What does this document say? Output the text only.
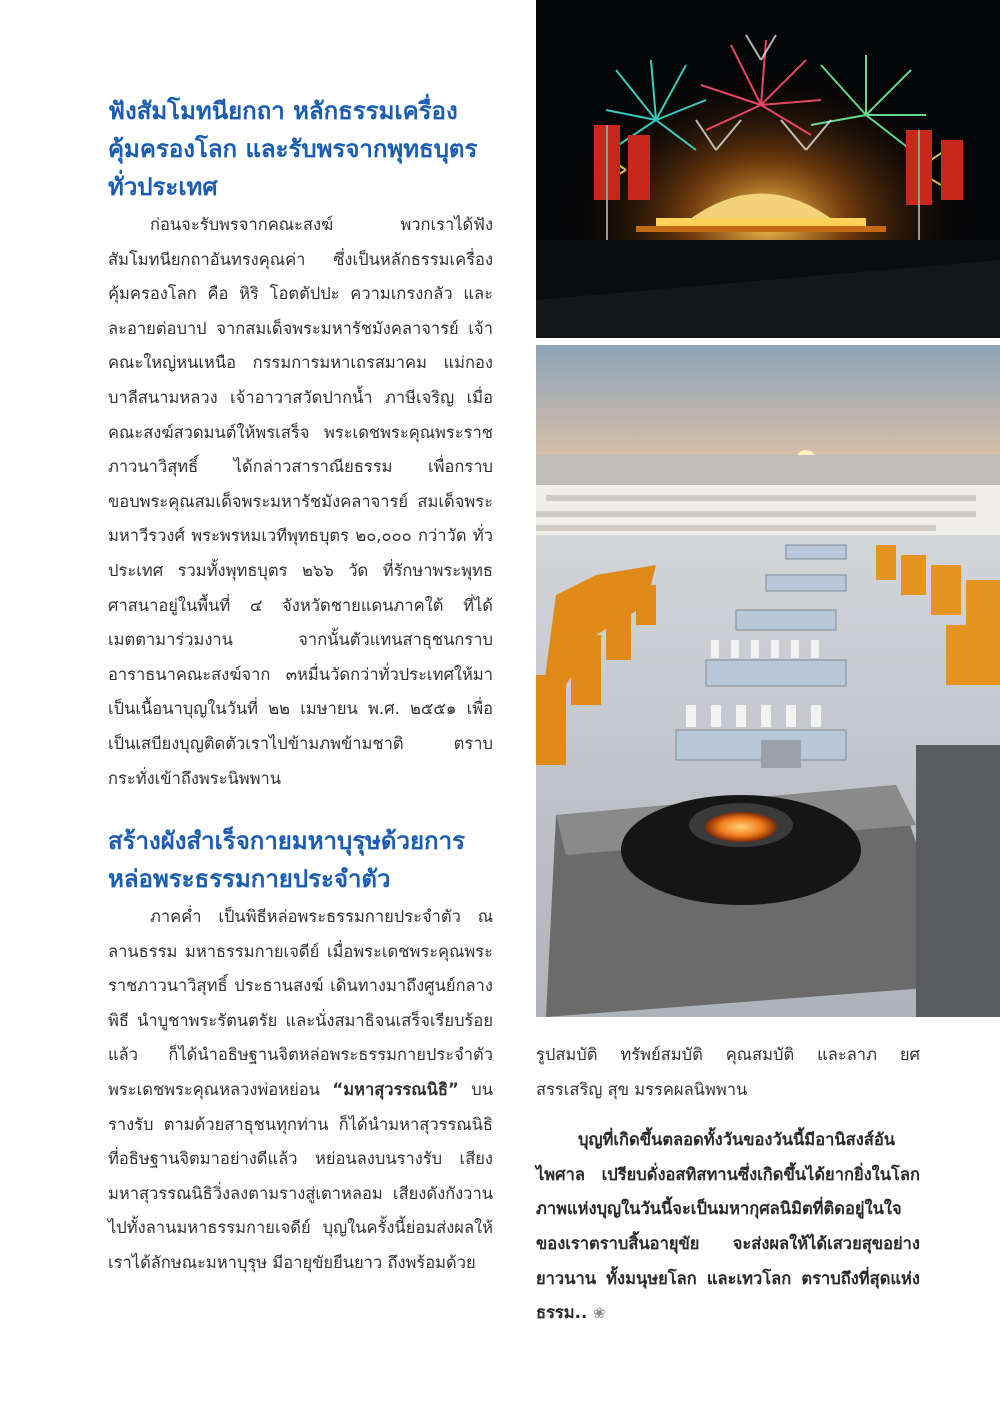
ฟังสัมโมทนียกถา หลักธรรมเครื่องคุ้มครองโลก และรับพรจากพุทธบุตรทั่วประเทศ

ก่อนจะรับพรจากคณะสงฆ์ พวกเราได้ฟังสัมโมทนียกถาอันทรงคุณค่า ซึ่งเป็นหลักธรรมเครื่องคุ้มครองโลก คือ หิริ โอตตัปปะ ความเกรงกลัว และละอายต่อบาป จากสมเด็จพระมหารัชมังคลาจารย์ เจ้าคณะใหญ่หนเหนือ กรรมการมหาเถรสมาคม แม่กองบาลีสนามหลวง เจ้าอาวาสวัดปากน้ำ ภาษีเจริญ เมื่อคณะสงฆ์สวดมนต์ให้พรเสร็จ พระเดชพระคุณพระราชภาวนาวิสุทธิ์ ได้กล่าวสาราณียธรรม เพื่อกราบขอบพระคุณสมเด็จพระมหารัชมังคลาจารย์ สมเด็จพระมหาวีรวงศ์ พระพรหมเวทีพุทธบุตร ๒๐,๐๐๐ กว่าวัด ทั่วประเทศ รวมทั้งพุทธบุตร ๒๖๖ วัด ที่รักษาพระพุทธศาสนาอยู่ในพื้นที่ ๔ จังหวัดชายแดนภาคใต้ ที่ได้เมตตามาร่วมงาน จากนั้นตัวแทนสาธุชนกราบอาราธนาคณะสงฆ์จาก ๓หมื่นวัดกว่าทั่วประเทศให้มาเป็นเนื้อนาบุญในวันที่ ๒๒ เมษายน พ.ศ. ๒๕๕๑ เพื่อเป็นเสบียงบุญติดตัวเราไปข้ามภพข้ามชาติ ตราบกระทั่งเข้าถึงพระนิพพาน

สร้างผังสำเร็จกายมหาบุรุษด้วยการหล่อพระธรรมกายประจำตัว

ภาคค่ำ เป็นพิธีหล่อพระธรรมกายประจำตัว ณ ลานธรรม มหาธรรมกายเจดีย์ เมื่อพระเดชพระคุณพระราชภาวนาวิสุทธิ์ ประธานสงฆ์ เดินทางมาถึงศูนย์กลางพิธี นำบูชาพระรัตนตรัย และนั่งสมาธิจนเสร็จเรียบร้อยแล้ว ก็ได้นำอธิษฐานจิตหล่อพระธรรมกายประจำตัว พระเดชพระคุณหลวงพ่อหย่อน “มหาสุวรรณนิธิ” บนรางรับ ตามด้วยสาธุชนทุกท่าน ก็ได้นำมหาสุวรรณนิธิที่อธิษฐานจิตมาอย่างดีแล้ว หย่อนลงบนรางรับ เสียงมหาสุวรรณนิธิวิ่งลงตามรางสู่เตาหลอม เสียงดังกังวานไปทั้งลานมหาธรรมกายเจดีย์ บุญในครั้งนี้ย่อมส่งผลให้เราได้ลักษณะมหาบุรุษ มีอายุขัยยืนยาว ถึงพร้อมด้วย

รูปสมบัติ ทรัพย์สมบัติ คุณสมบัติ และลาภ ยศ สรรเสริญ สุข มรรคผลนิพพาน

บุญที่เกิดขึ้นตลอดทั้งวันของวันนี้มีอานิสงส์อันไพศาล เปรียบดั่งอสทิสทานซึ่งเกิดขึ้นได้ยากยิ่งในโลก ภาพแห่งบุญในวันนี้จะเป็นมหากุศลนิมิตที่ติดอยู่ในใจของเราตราบสิ้นอายุขัย จะส่งผลให้ได้เสวยสุขอย่างยาวนาน ทั้งมนุษยโลก และเทวโลก ตราบถึงที่สุดแห่งธรรม.. ❀
